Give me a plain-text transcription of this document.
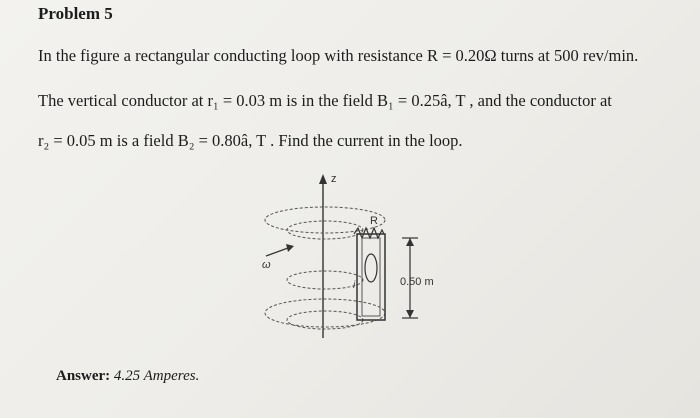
Problem 5
In the figure a rectangular conducting loop with resistance R = 0.20Ω turns at 500 rev/min.
The vertical conductor at r₁ = 0.03 m is in the field B₁ = 0.25â, T , and the conductor at
r₂ = 0.05 m is a field B₂ = 0.80â, T . Find the current in the loop.
z
ω
R
i	0.50 m
Answer: 4.25 Amperes.
